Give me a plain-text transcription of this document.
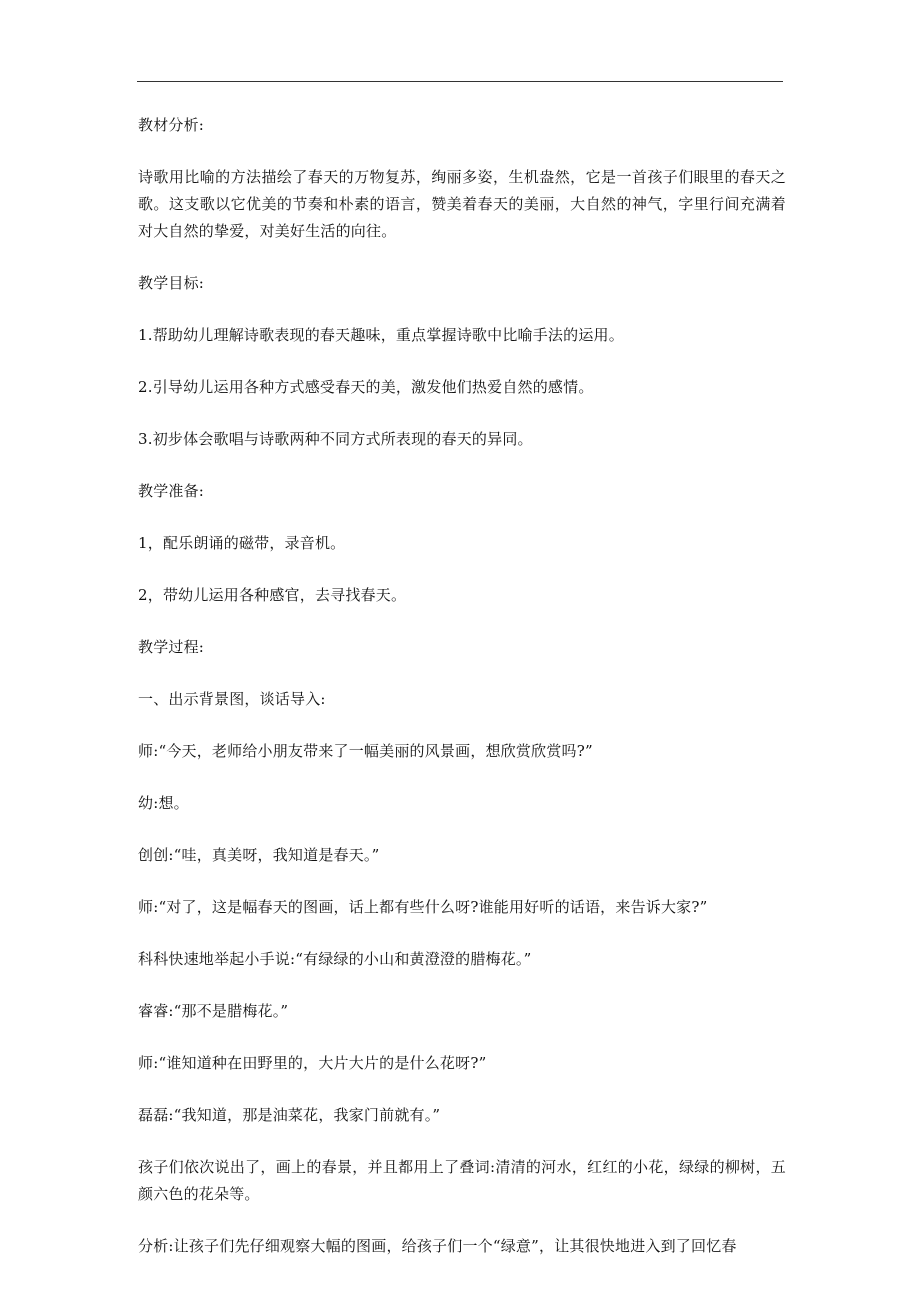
教材分析:

诗歌用比喻的方法描绘了春天的万物复苏，绚丽多姿，生机盎然，它是一首孩子们眼里的春天之歌。这支歌以它优美的节奏和朴素的语言，赞美着春天的美丽，大自然的神气，字里行间充满着对大自然的挚爱，对美好生活的向往。

教学目标:

1.帮助幼儿理解诗歌表现的春天趣味，重点掌握诗歌中比喻手法的运用。

2.引导幼儿运用各种方式感受春天的美，激发他们热爱自然的感情。

3.初步体会歌唱与诗歌两种不同方式所表现的春天的异同。

教学准备:

1，配乐朗诵的磁带，录音机。

2，带幼儿运用各种感官，去寻找春天。

教学过程:

一、出示背景图，谈话导入:

师:“今天，老师给小朋友带来了一幅美丽的风景画，想欣赏欣赏吗?”

幼:想。

创创:“哇，真美呀，我知道是春天。”

师:“对了，这是幅春天的图画，话上都有些什么呀?谁能用好听的话语，来告诉大家?”

科科快速地举起小手说:“有绿绿的小山和黄澄澄的腊梅花。”

睿睿:“那不是腊梅花。”

师:“谁知道种在田野里的，大片大片的是什么花呀?”

磊磊:“我知道，那是油菜花，我家门前就有。”

孩子们依次说出了，画上的春景，并且都用上了叠词:清清的河水，红红的小花，绿绿的柳树，五颜六色的花朵等。

分析:让孩子们先仔细观察大幅的图画，给孩子们一个“绿意”，让其很快地进入到了回忆春
